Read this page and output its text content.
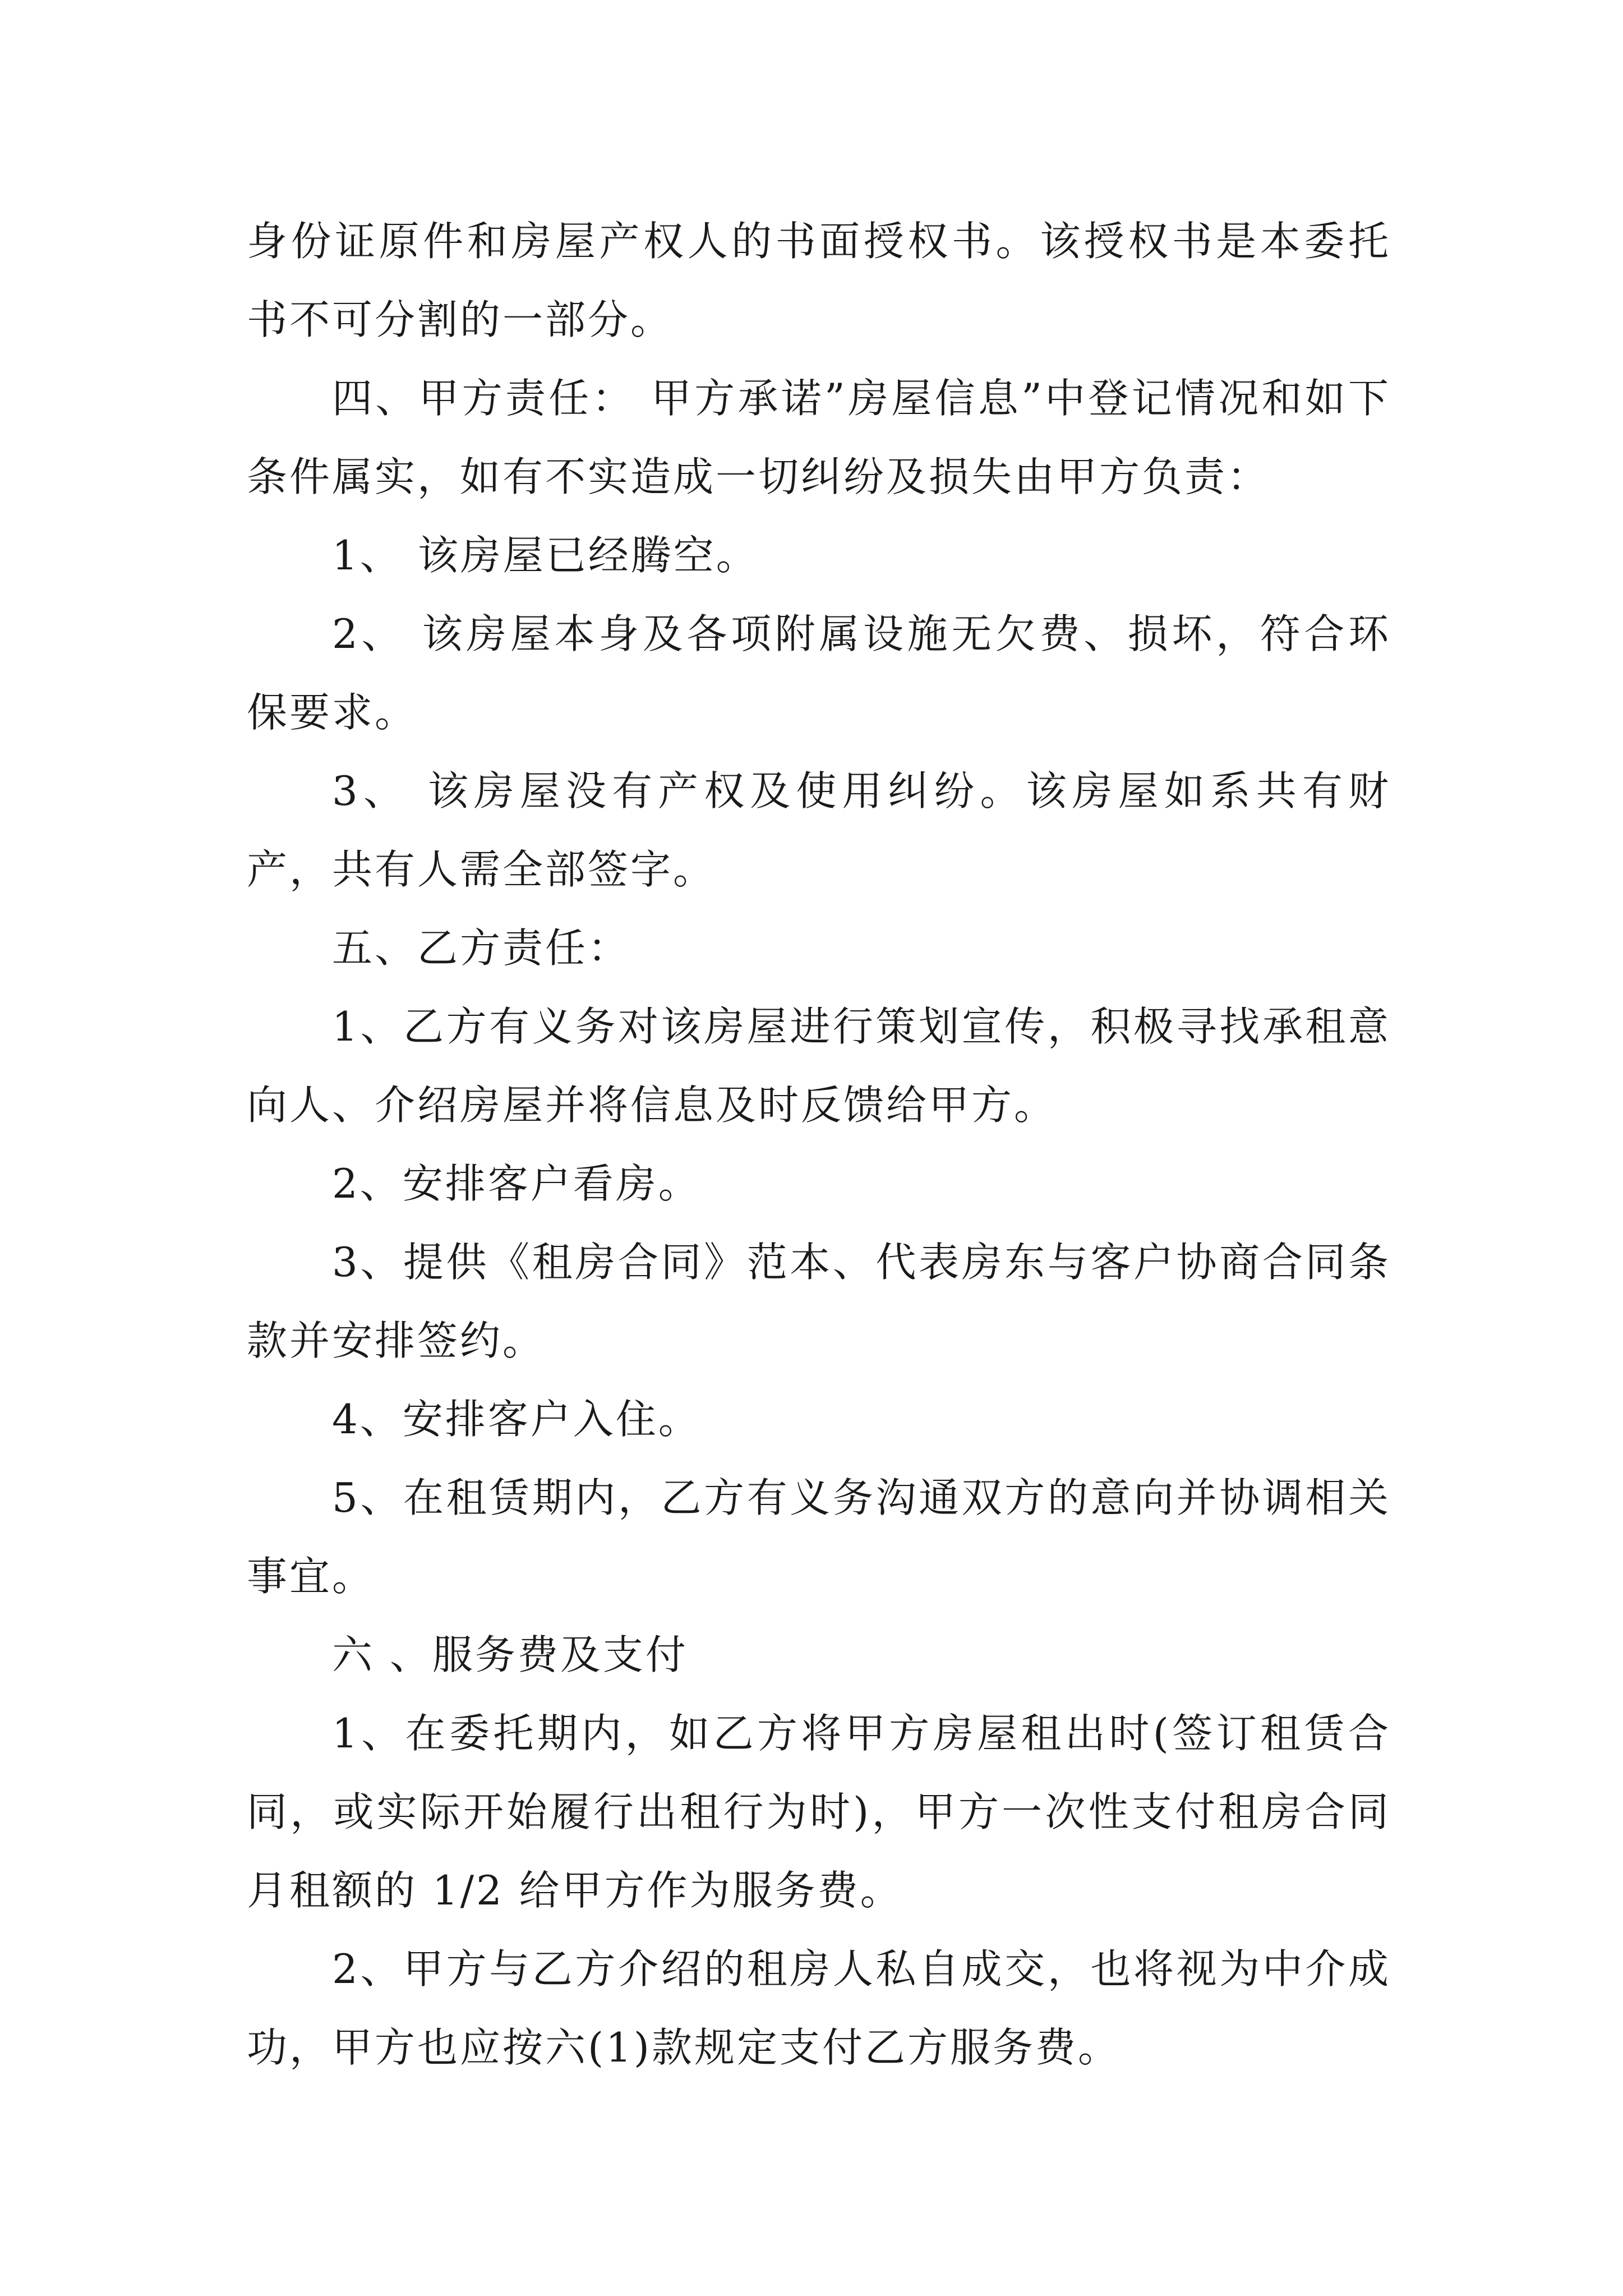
身份证原件和房屋产权人的书面授权书。该授权书是本委托书不可分割的一部分。

四、甲方责任： 甲方承诺”房屋信息”中登记情况和如下条件属实，如有不实造成一切纠纷及损失由甲方负责：

1、 该房屋已经腾空。

2、 该房屋本身及各项附属设施无欠费、损坏，符合环保要求。

3、 该房屋没有产权及使用纠纷。该房屋如系共有财产，共有人需全部签字。

五、乙方责任：

1、乙方有义务对该房屋进行策划宣传，积极寻找承租意向人、介绍房屋并将信息及时反馈给甲方。

2、安排客户看房。

3、提供《租房合同》范本、代表房东与客户协商合同条款并安排签约。

4、安排客户入住。

5、在租赁期内，乙方有义务沟通双方的意向并协调相关事宜。

六 、服务费及支付

1、在委托期内，如乙方将甲方房屋租出时(签订租赁合同，或实际开始履行出租行为时)，甲方一次性支付租房合同月租额的 1/2 给甲方作为服务费。

2、甲方与乙方介绍的租房人私自成交，也将视为中介成功，甲方也应按六(1)款规定支付乙方服务费。
